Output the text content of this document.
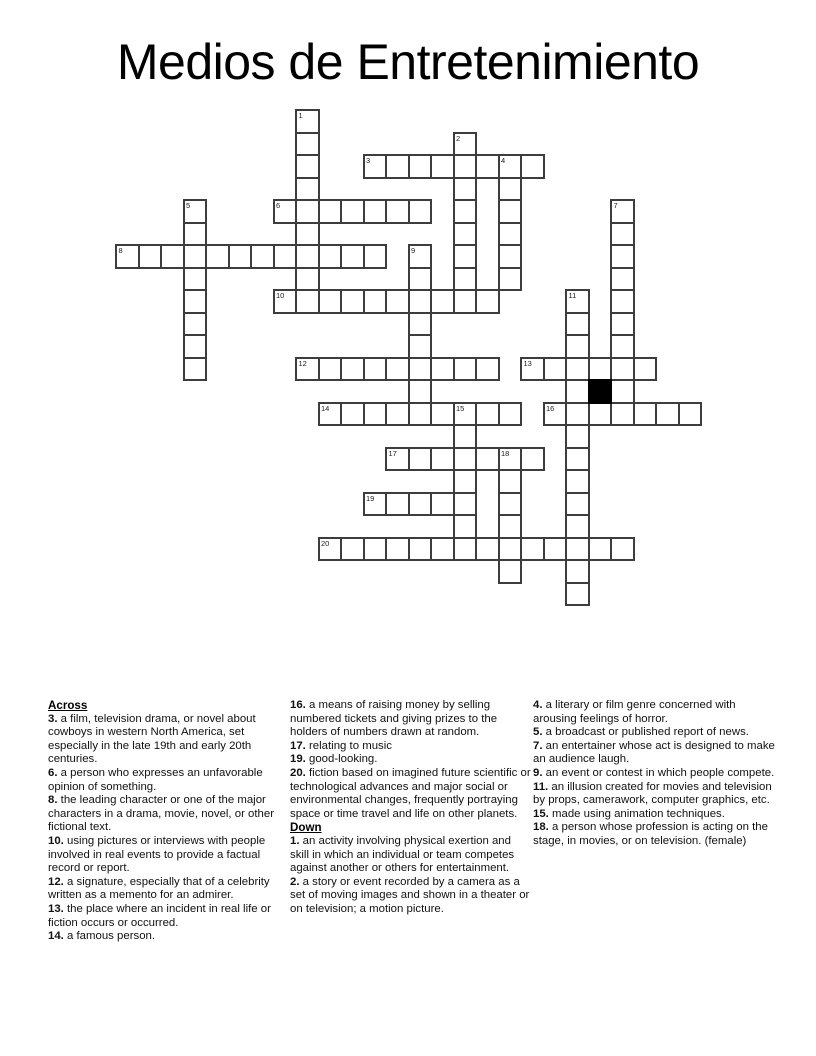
Medios de Entretenimiento
3	4
6
8
10
12	13
14	15	16
17	18
19
20
1
2
5	7
9
11
Across

3. a film, television drama, or novel about cowboys in western North America, set especially in the late 19th and early 20th centuries.

6. a person who expresses an unfavorable opinion of something.

8. the leading character or one of the major characters in a drama, movie, novel, or other fictional text.

10. using pictures or interviews with people involved in real events to provide a factual record or report.

12. a signature, especially that of a celebrity written as a memento for an admirer.

13. the place where an incident in real life or fiction occurs or occurred.

14. a famous person.

16. a means of raising money by selling numbered tickets and giving prizes to the holders of numbers drawn at random.

17. relating to music

19. good-looking.

20. fiction based on imagined future scientific or technological advances and major social or environmental changes, frequently portraying space or time travel and life on other planets.

Down

1. an activity involving physical exertion and skill in which an individual or team competes against another or others for entertainment.

2. a story or event recorded by a camera as a set of moving images and shown in a theater or on television; a motion picture.

4. a literary or film genre concerned with arousing feelings of horror.

5. a broadcast or published report of news.

7. an entertainer whose act is designed to make an audience laugh.

9. an event or contest in which people compete.

11. an illusion created for movies and television by props, camerawork, computer graphics, etc.

15. made using animation techniques.

18. a person whose profession is acting on the stage, in movies, or on television. (female)
